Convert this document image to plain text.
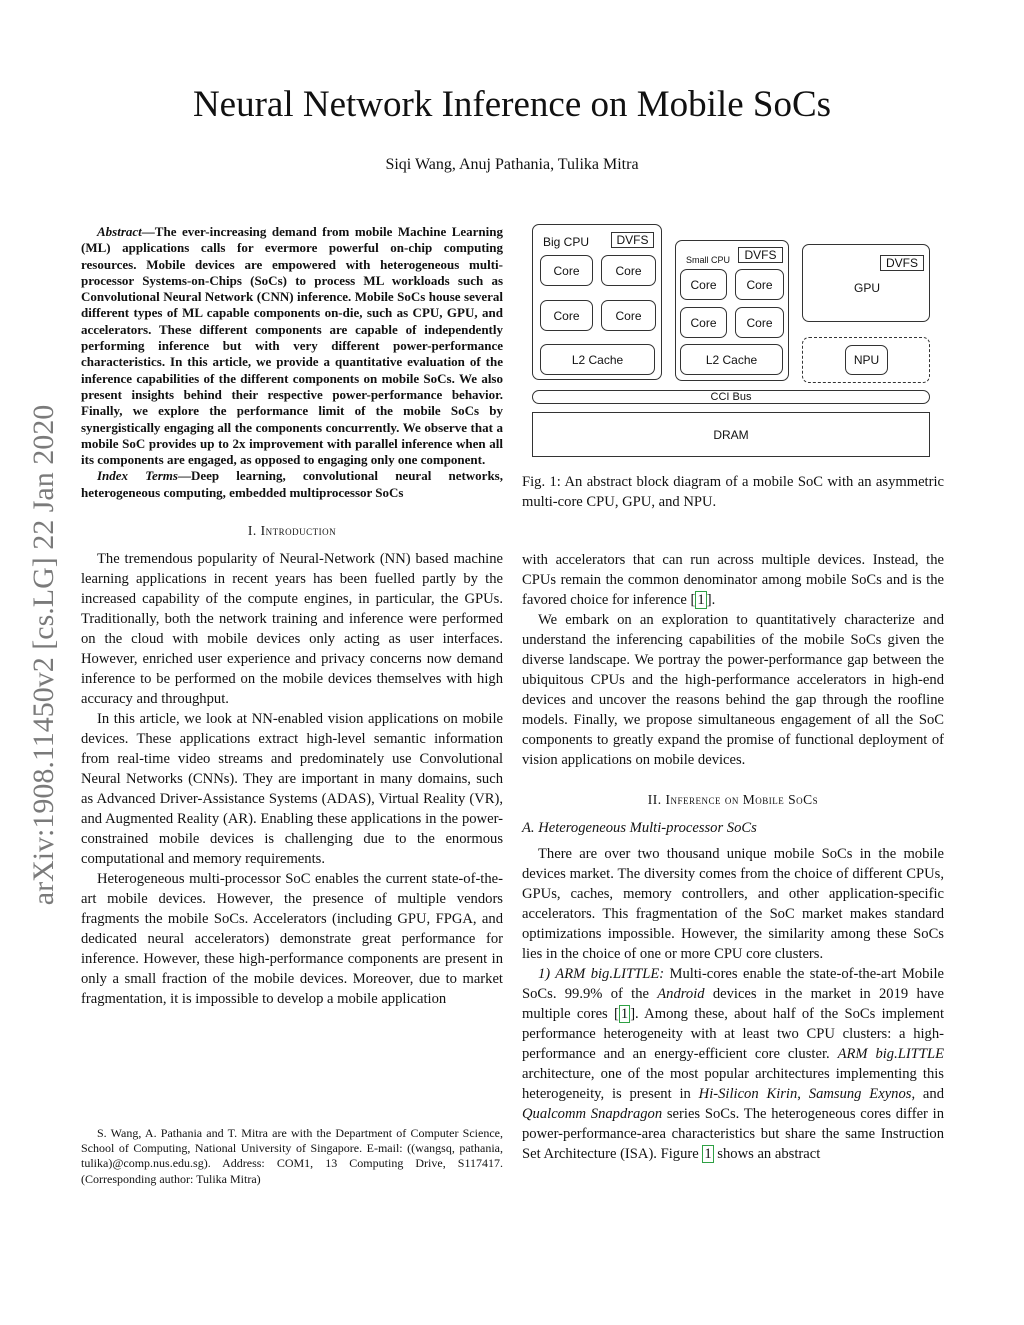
Neural Network Inference on Mobile SoCs
Siqi Wang, Anuj Pathania, Tulika Mitra
arXiv:1908.11450v2 [cs.LG] 22 Jan 2020

Abstract—The ever-increasing demand from mobile Machine Learning (ML) applications calls for evermore powerful on-chip computing resources. Mobile devices are empowered with heterogeneous multi-processor Systems-on-Chips (SoCs) to process ML workloads such as Convolutional Neural Network (CNN) inference. Mobile SoCs house several different types of ML capable components on-die, such as CPU, GPU, and accelerators. These different components are capable of independently performing inference but with very different power-performance characteristics. In this article, we provide a quantitative evaluation of the inference capabilities of the different components on mobile SoCs. We also present insights behind their respective power-performance behavior. Finally, we explore the performance limit of the mobile SoCs by synergistically engaging all the components concurrently. We observe that a mobile SoC provides up to 2x improvement with parallel inference when all its components are engaged, as opposed to engaging only one component.

Index Terms—Deep learning, convolutional neural networks, heterogeneous computing, embedded multiprocessor SoCs

I. Introduction

The tremendous popularity of Neural-Network (NN) based machine learning applications in recent years has been fuelled partly by the increased capability of the compute engines, in particular, the GPUs. Traditionally, both the network training and inference were performed on the cloud with mobile devices only acting as user interfaces. However, enriched user experience and privacy concerns now demand inference to be performed on the mobile devices themselves with high accuracy and throughput.

In this article, we look at NN-enabled vision applications on mobile devices. These applications extract high-level semantic information from real-time video streams and predominately use Convolutional Neural Networks (CNNs). They are important in many domains, such as Advanced Driver-Assistance Systems (ADAS), Virtual Reality (VR), and Augmented Reality (AR). Enabling these applications in the power-constrained mobile devices is challenging due to the enormous computational and memory requirements.

Heterogeneous multi-processor SoC enables the current state-of-the-art mobile devices. However, the presence of multiple vendors fragments the mobile SoCs. Accelerators (including GPU, FPGA, and dedicated neural accelerators) demonstrate great performance for inference. However, these high-performance components are present in only a small fraction of the mobile devices. Moreover, due to market fragmentation, it is impossible to develop a mobile application

S. Wang, A. Pathania and T. Mitra are with the Department of Computer Science, School of Computing, National University of Singapore. E-mail: ((wangsq, pathania, tulika)@comp.nus.edu.sg). Address: COM1, 13 Computing Drive, S117417. (Corresponding author: Tulika Mitra)

Big CPU	DVFS
Core	Core
Core	Core
L2 Cache
Small CPU	DVFS
Core	Core
Core	Core
L2 Cache
DVFS
GPU
NPU
CCI Bus
DRAM

Fig. 1: An abstract block diagram of a mobile SoC with an asymmetric multi-core CPU, GPU, and NPU.

with accelerators that can run across multiple devices. Instead, the CPUs remain the common denominator among mobile SoCs and is the favored choice for inference [ 1 ].

We embark on an exploration to quantitatively characterize and understand the inferencing capabilities of the mobile SoCs given the diverse landscape. We portray the power-performance gap between the ubiquitous CPUs and the high-performance accelerators in high-end devices and uncover the reasons behind the gap through the roofline models. Finally, we propose simultaneous engagement of all the SoC components to greatly expand the promise of functional deployment of vision applications on mobile devices.

II. Inference on Mobile SoCs
A. Heterogeneous Multi-processor SoCs

There are over two thousand unique mobile SoCs in the mobile devices market. The diversity comes from the choice of different CPUs, GPUs, caches, memory controllers, and other application-specific accelerators. This fragmentation of the SoC market makes standard optimizations impossible. However, the similarity among these SoCs lies in the choice of one or more CPU core clusters.

1) ARM big.LITTLE: Multi-cores enable the state-of-the-art Mobile SoCs. 99.9% of the Android devices in the market in 2019 have multiple cores [ 1 ]. Among these, about half of the SoCs implement performance heterogeneity with at least two CPU clusters: a high-performance and an energy-efficient core cluster. ARM big.LITTLE architecture, one of the most popular architectures implementing this heterogeneity, is present in Hi-Silicon Kirin, Samsung Exynos, and Qualcomm Snapdragon series SoCs. The heterogeneous cores differ in power-performance-area characteristics but share the same Instruction Set Architecture (ISA). Figure 1 shows an abstract
